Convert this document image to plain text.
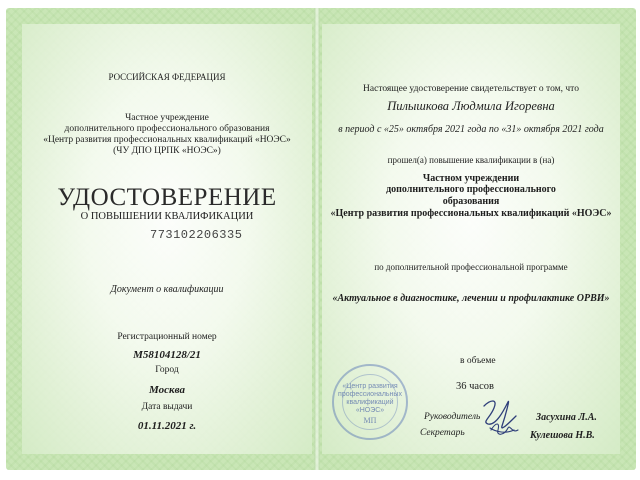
РОССИЙСКАЯ ФЕДЕРАЦИЯ
Частное учреждение
дополнительного профессионального образования
«Центр развития профессиональных квалификаций «НОЭС»
(ЧУ ДПО ЦРПК «НОЭС»)
УДОСТОВЕРЕНИЕ
О ПОВЫШЕНИИ КВАЛИФИКАЦИИ
773102206335
Документ о квалификации
Регистрационный номер
М58104128/21
Город
Москва
Дата выдачи
01.11.2021 г.
Настоящее удостоверение свидетельствует о том, что
Пилышкова Людмила Игоревна
в период с «25» октября 2021 года по «31» октября 2021 года
прошел(а) повышение квалификации в (на)
Частном учреждении
дополнительного профессионального
образования
«Центр развития профессиональных квалификаций «НОЭС»
по дополнительной профессиональной программе
«Актуальное в диагностике, лечении и профилактике ОРВИ»
в объеме
36 часов
Руководитель	Засухина Л.А.
Секретарь	Кулешова Н.В.
«Центр развития
профессиональных
квалификаций
«НОЭС»
МП
